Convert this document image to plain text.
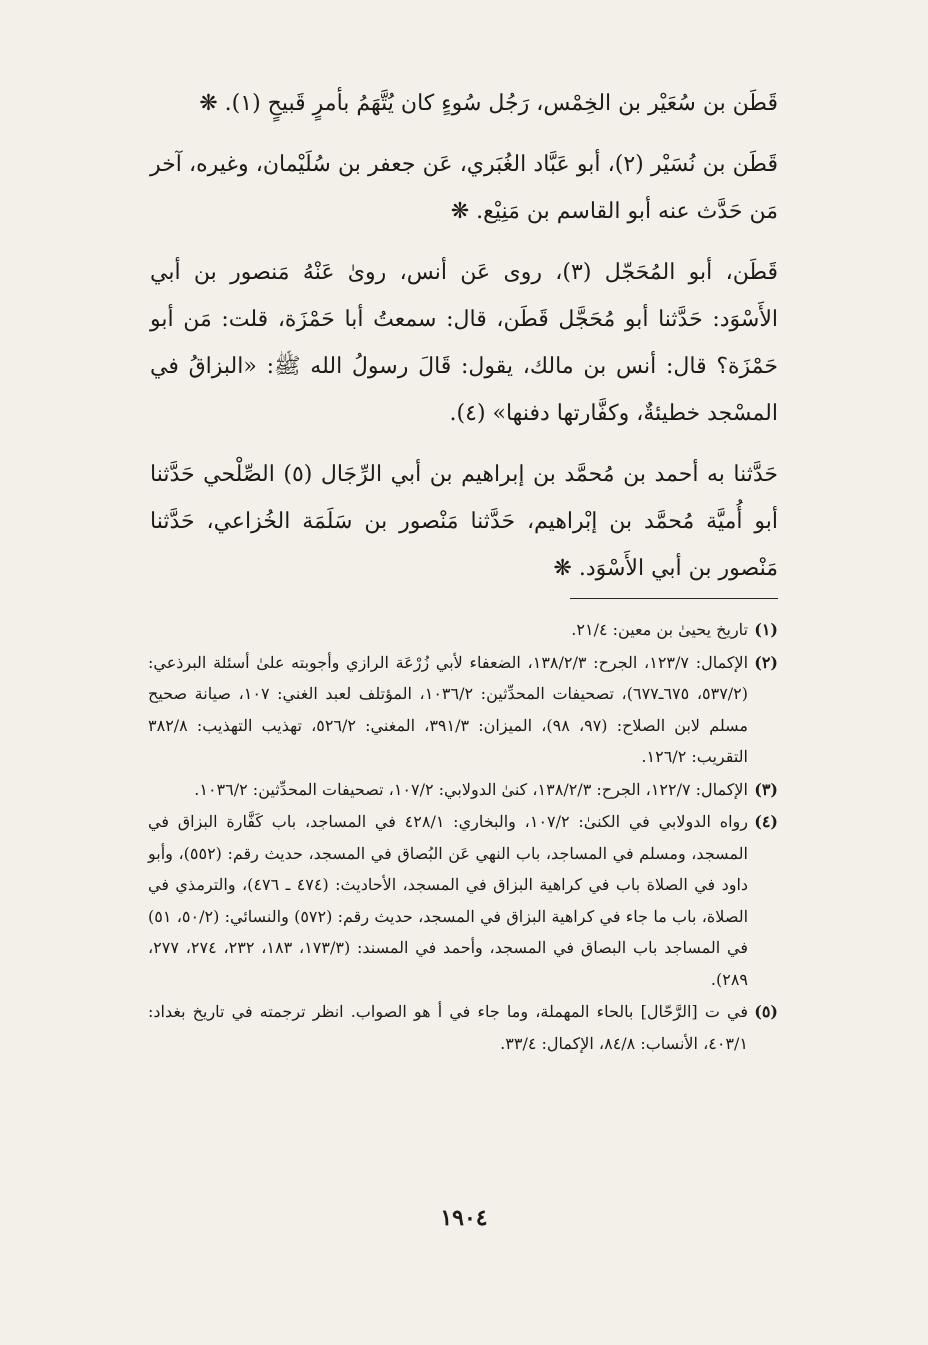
قَطَن بن سُعَيْر بن الخِمْس، رَجُل سُوءٍ كان يُتَّهَمُ بأمرٍ قَبيحٍ (١). ❋

قَطَن بن نُسَيْر (٢)، أبو عَبَّاد الغُبَري، عَن جعفر بن سُلَيْمان، وغيره، آخر مَن حَدَّث عنه أبو القاسم بن مَنِيْع. ❋

قَطَن، أبو المُحَجّل (٣)، روى عَن أنس، روىٰ عَنْهُ مَنصور بن أبي الأَسْوَد: حَدَّثنا أبو مُحَجَّل قَطَن، قال: سمعتُ أبا حَمْزَة، قلت: مَن أبو حَمْزَة؟ قال: أنس بن مالك، يقول: قَالَ رسولُ الله ﷺ: «البزاقُ في المسْجد خطيئةٌ، وكفَّارتها دفنها» (٤).

حَدَّثنا به أحمد بن مُحمَّد بن إبراهيم بن أبي الرِّجَال (٥) الصِّلْحي حَدَّثنا أبو أُميَّة مُحمَّد بن إبْراهيم، حَدَّثنا مَنْصور بن سَلَمَة الخُزاعي، حَدَّثنا مَنْصور بن أبي الأَسْوَد. ❋

(١)
تاريخ يحيىٰ بن معين: ٢١/٤.
(٢)
الإكمال: ١٢٣/٧، الجرح: ١٣٨/٢/٣، الضعفاء لأبي زُرْعَة الرازي وأجوبته علىٰ أسئلة البرذعي: (٥٣٧/٢، ٦٧٥ـ٦٧٧)، تصحيفات المحدِّثين: ١٠٣٦/٢، المؤتلف لعبد الغني: ١٠٧، صيانة صحيح مسلم لابن الصلاح: (٩٧، ٩٨)، الميزان: ٣٩١/٣، المغني: ٥٢٦/٢، تهذيب التهذيب: ٣٨٢/٨ التقريب: ١٢٦/٢.
(٣)
الإكمال: ١٢٢/٧، الجرح: ١٣٨/٢/٣، كنىٰ الدولابي: ١٠٧/٢، تصحيفات المحدِّثين: ١٠٣٦/٢.
(٤)
رواه الدولابي في الكنىٰ: ١٠٧/٢، والبخاري: ٤٢٨/١ في المساجد، باب كَفَّارة البزاق في المسجد، ومسلم في المساجد، باب النهي عَن البُصاق في المسجد، حديث رقم: (٥٥٢)، وأبو داود في الصلاة باب في كراهية البزاق في المسجد، الأحاديث: (٤٧٤ ـ ٤٧٦)، والترمذي في الصلاة، باب ما جاء في كراهية البزاق في المسجد، حديث رقم: (٥٧٢) والنسائي: (٥٠/٢، ٥١) في المساجد باب البصاق في المسجد، وأحمد في المسند: (١٧٣/٣، ١٨٣، ٢٣٢، ٢٧٤، ٢٧٧، ٢٨٩).
(٥)
في ت [الرَّحّال] بالحاء المهملة، وما جاء في أ هو الصواب. انظر ترجمته في تاريخ بغداد: ٤٠٣/١، الأنساب: ٨٤/٨، الإكمال: ٣٣/٤.
١٩٠٤
